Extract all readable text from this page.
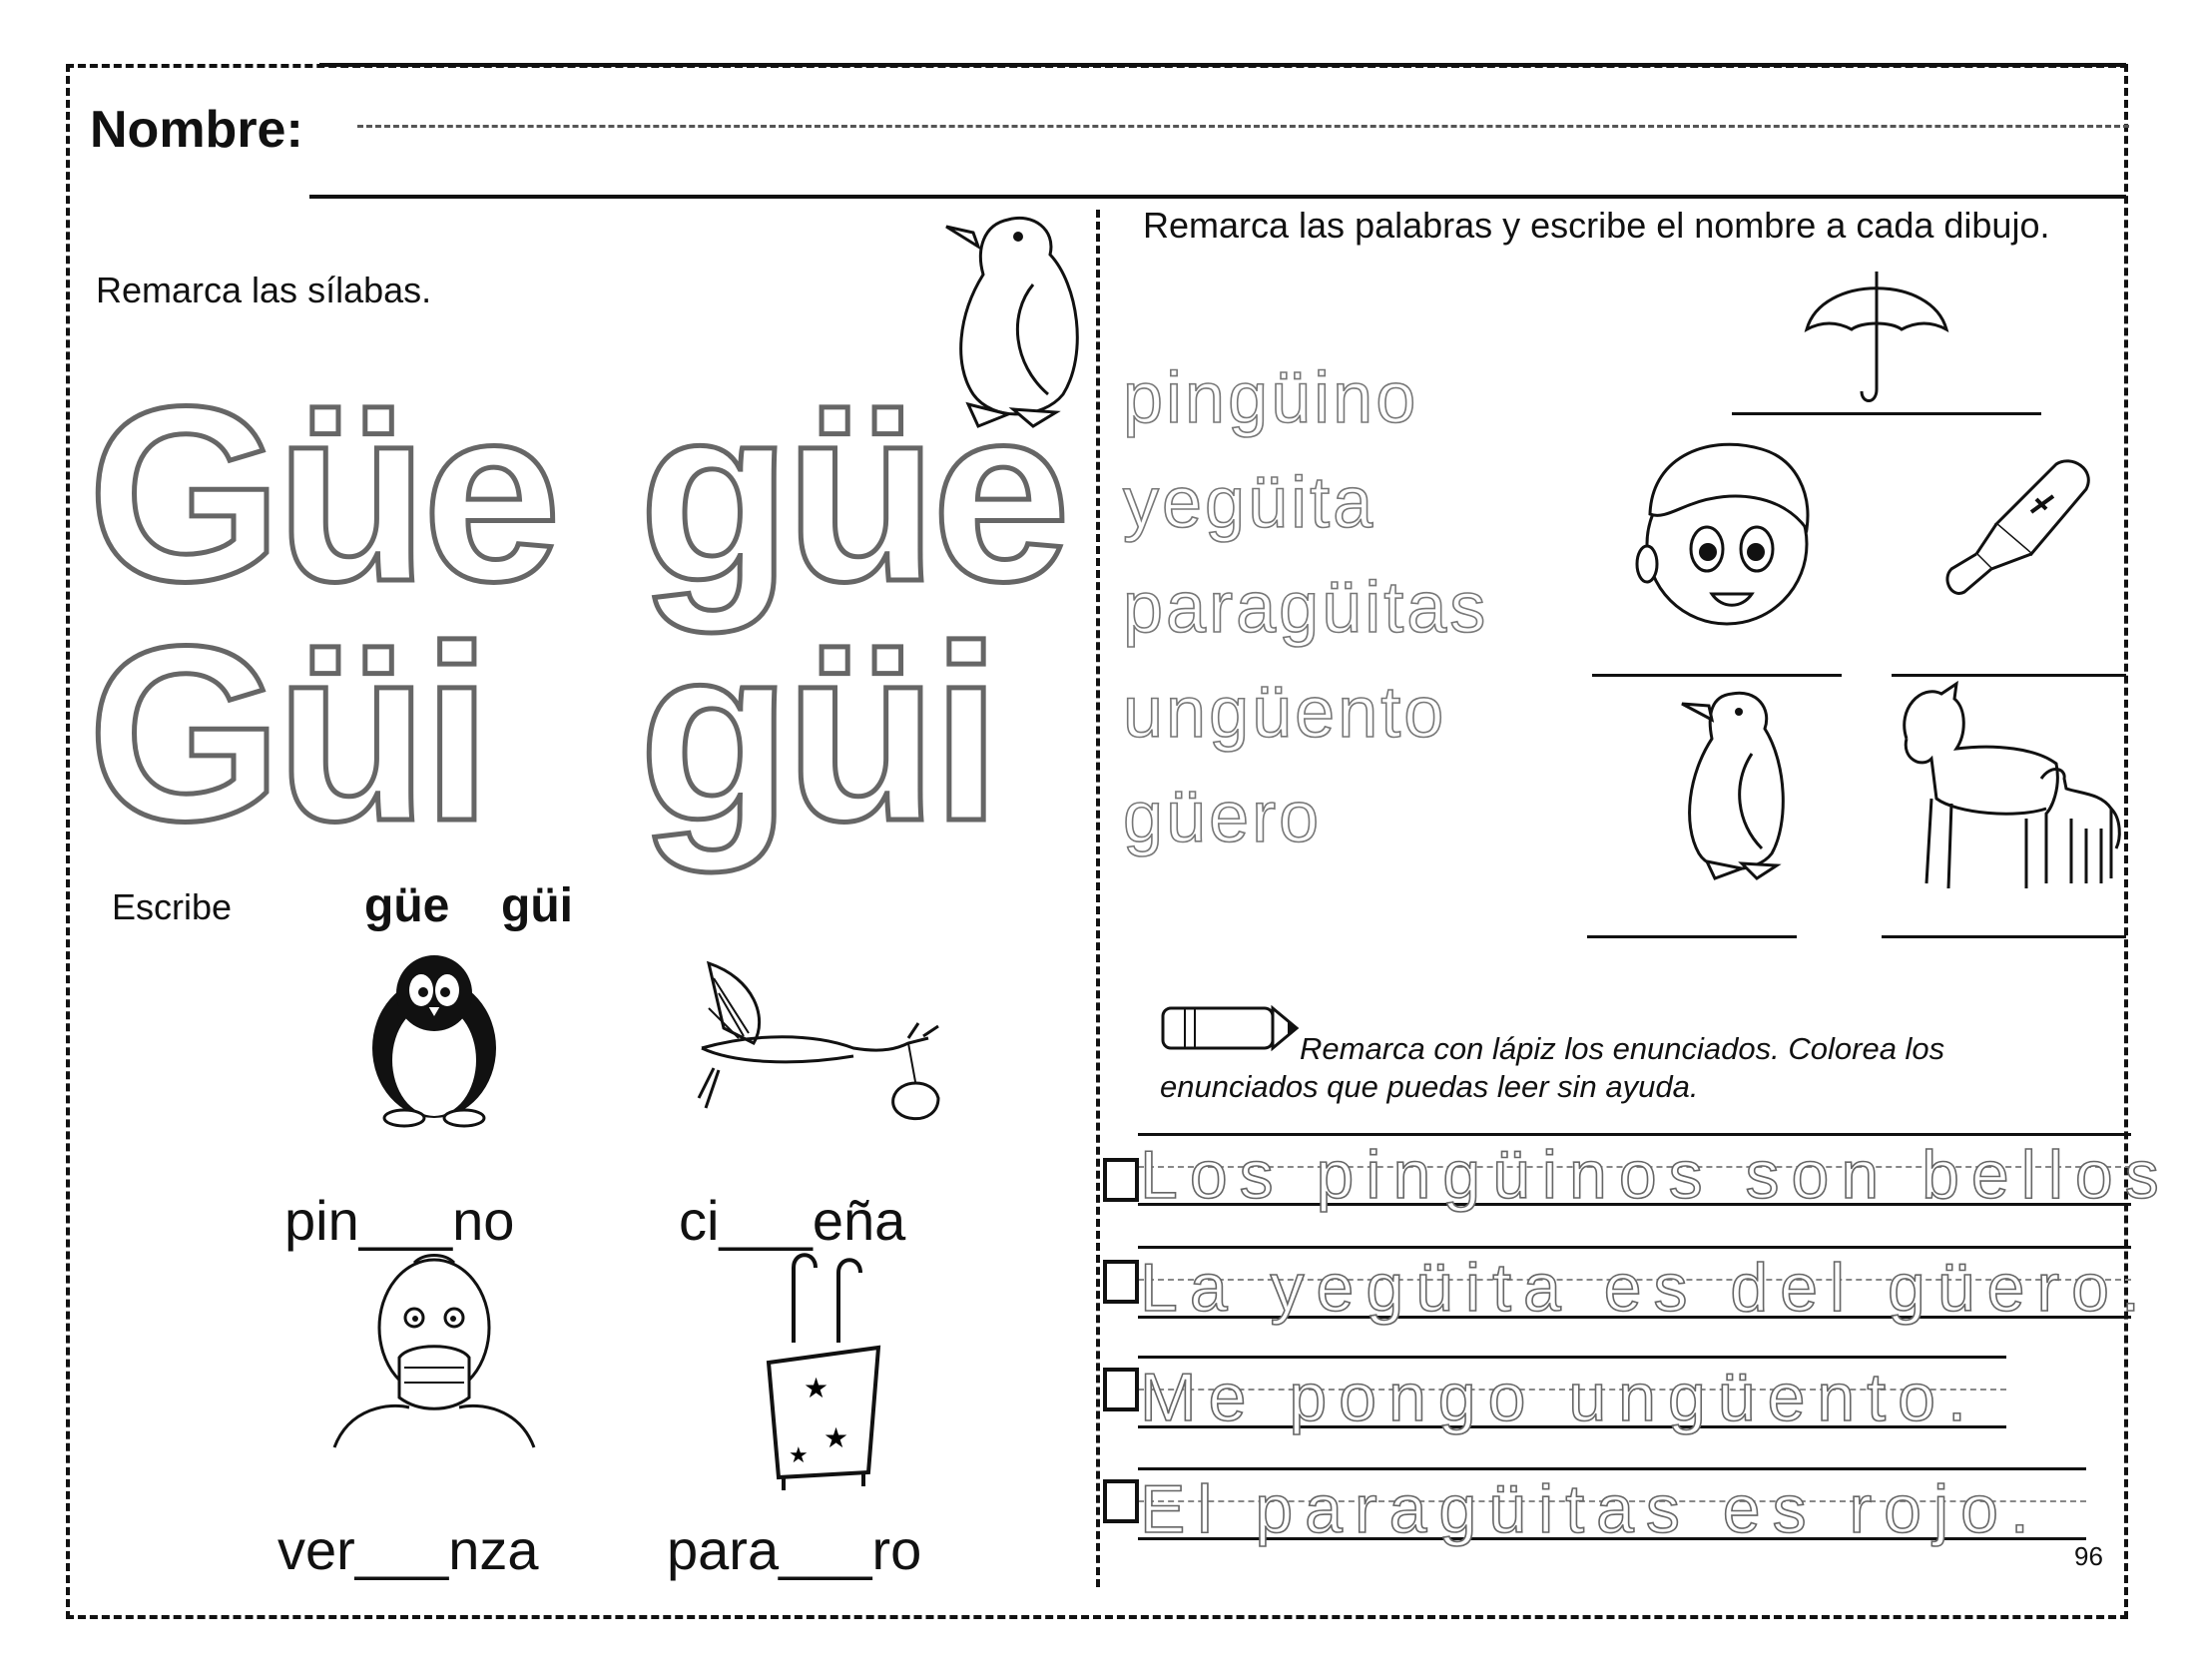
Nombre:
Remarca las sílabas.
Güe güe
Güi güi
Escribe	güe güi
pin___no	ci___eña
★
★
★
ver___nza para___ro
Remarca las palabras y escribe el nombre a cada dibujo.
pingüino
yegüita
paragüitas
ungüento
güero
Remarca con lápiz los enunciados. Colorea los enunciados que puedas leer sin ayuda.
Los pingüinos son bellos
La yegüita es del güero.
Me pongo ungüento.
El paragüitas es rojo.
96
